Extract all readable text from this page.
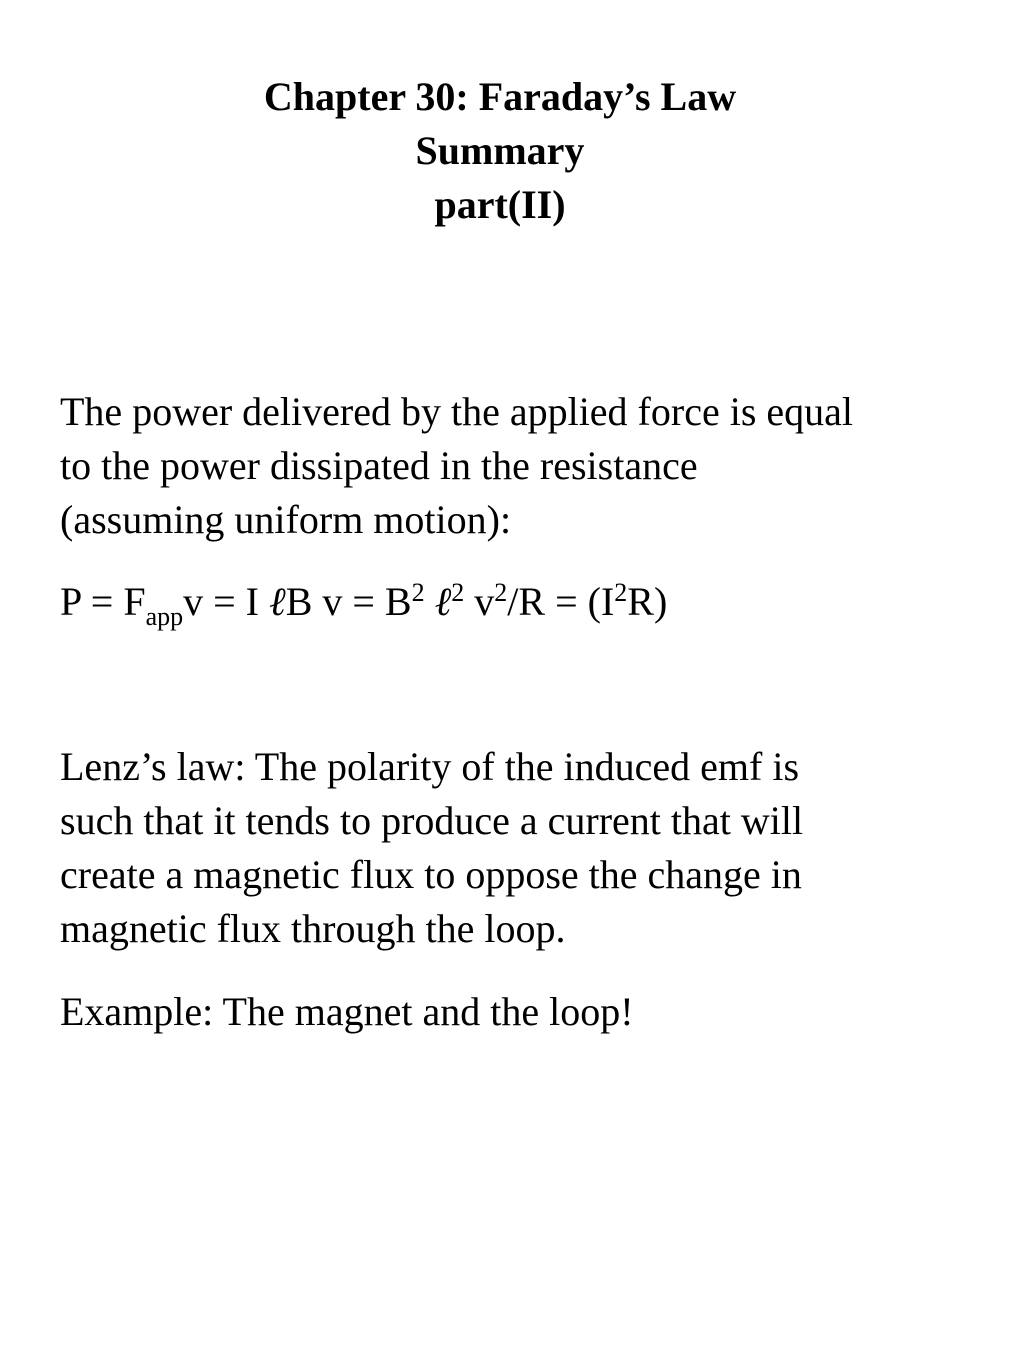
Chapter 30: Faraday’s Law
Summary
part(II)

The power delivered by the applied force is equal
to the power dissipated in the resistance
(assuming uniform motion):

$P = F_{app}v = I$ ℓB $v = B^2$ ℓ$^2$ $v^2/R = (I^2R)$

Lenz’s law: The polarity of the induced emf is
such that it tends to produce a current that will
create a magnetic flux to oppose the change in
magnetic flux through the loop.

Example: The magnet and the loop!
